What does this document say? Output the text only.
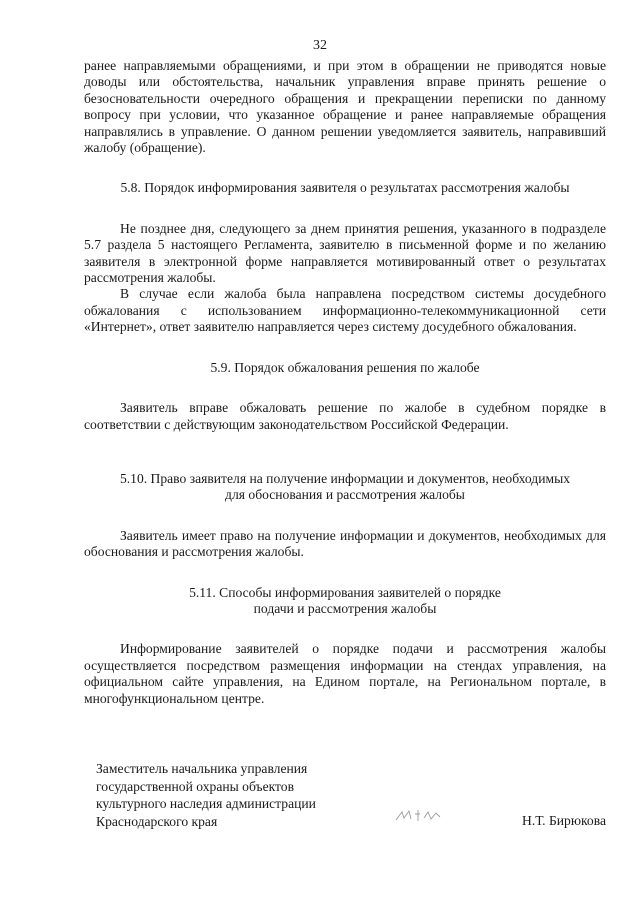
32

ранее направляемыми обращениями, и при этом в обращении не приводятся новые доводы или обстоятельства, начальник управления вправе принять решение о безосновательности очередного обращения и прекращении переписки по данному вопросу при условии, что указанное обращение и ранее направляемые обращения направлялись в управление. О данном решении уведомляется заявитель, направивший жалобу (обращение).

5.8. Порядок информирования заявителя о результатах рассмотрения жалобы

Не позднее дня, следующего за днем принятия решения, указанного в подразделе 5.7 раздела 5 настоящего Регламента, заявителю в письменной форме и по желанию заявителя в электронной форме направляется мотивированный ответ о результатах рассмотрения жалобы.

В случае если жалоба была направлена посредством системы досудебного обжалования с использованием информационно-телекоммуникационной сети «Интернет», ответ заявителю направляется через систему досудебного обжалования.

5.9. Порядок обжалования решения по жалобе

Заявитель вправе обжаловать решение по жалобе в судебном порядке в соответствии с действующим законодательством Российской Федерации.

5.10. Право заявителя на получение информации и документов, необходимых

для обоснования и рассмотрения жалобы

Заявитель имеет право на получение информации и документов, необходимых для обоснования и рассмотрения жалобы.

5.11. Способы информирования заявителей о порядке

подачи и рассмотрения жалобы

Информирование заявителей о порядке подачи и рассмотрения жалобы осуществляется посредством размещения информации на стендах управления, на официальном сайте управления, на Едином портале, на Региональном портале, в многофункциональном центре.

Заместитель начальника управления
государственной охраны объектов
культурного наследия администрации
Краснодарского края	Н.Т. Бирюкова
